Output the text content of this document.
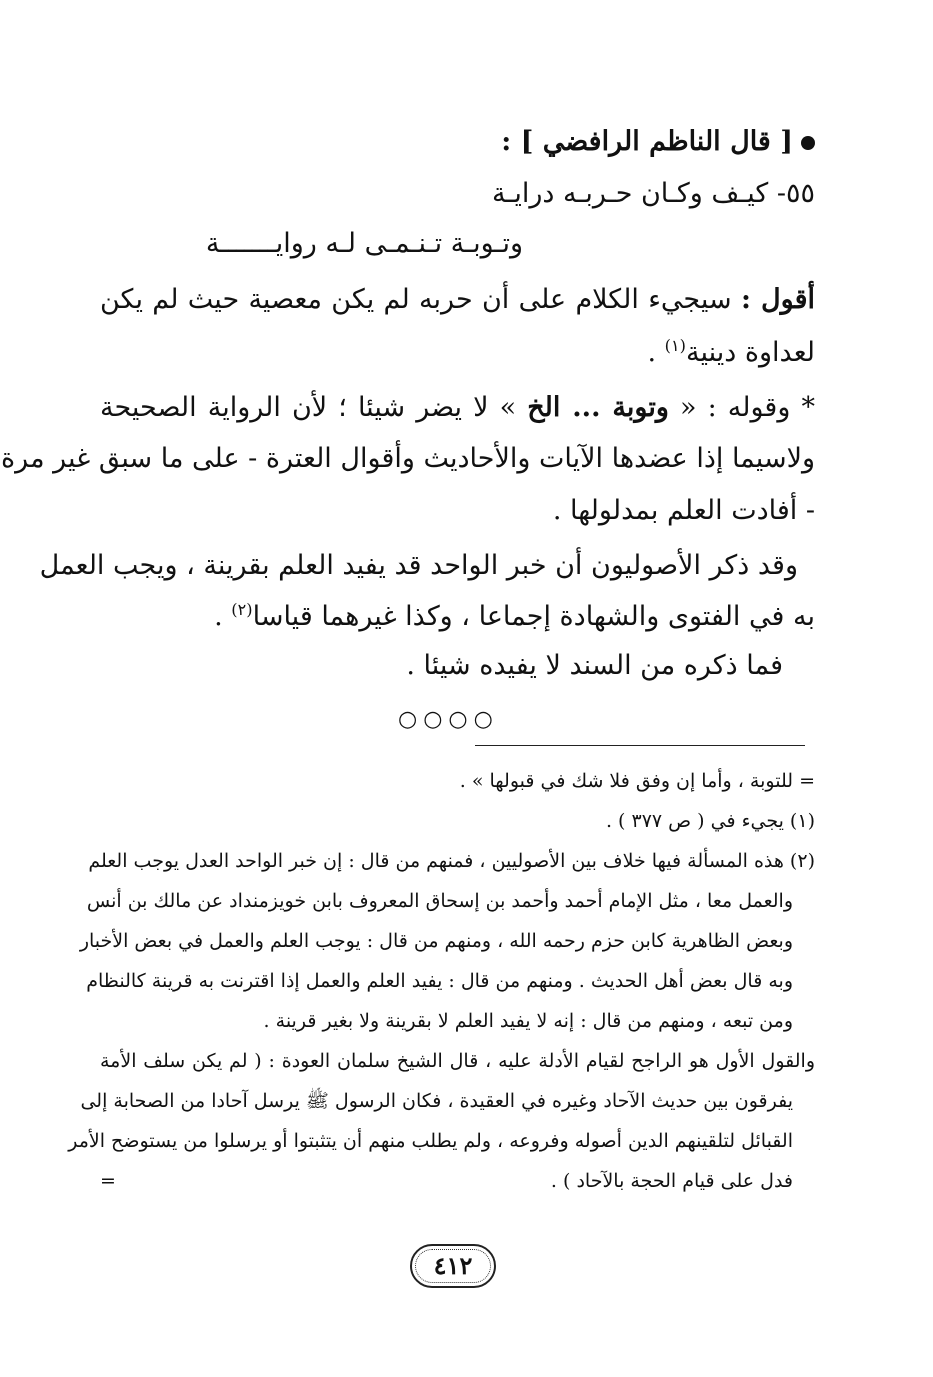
[ قال الناظم الرافضي ] :
٥٥- كيـف وكـان حـربـه درايـة
وتـوبـة تـنـمـى لـه روايـــــــة
أقول : سيجيء الكلام على أن حربه لم يكن معصية حيث لم يكن
لعداوة دينية$^{(١)}$ .
* وقوله : « وتوبة ... الخ » لا يضر شيئا ؛ لأن الرواية الصحيحة
ولاسيما إذا عضدها الآيات والأحاديث وأقوال العترة - على ما سبق غير مرة
- أفادت العلم بمدلولها .
وقد ذكر الأصوليون أن خبر الواحد قد يفيد العلم بقرينة ، ويجب العمل
به في الفتوى والشهادة إجماعا ، وكذا غيرهما قياسا$^{(٢)}$ .
فما ذكره من السند لا يفيده شيئا .
○○○○
= للتوبة ، وأما إن وفق فلا شك في قبولها » .
(١) يجيء في ( ص ٣٧٧ ) .
(٢) هذه المسألة فيها خلاف بين الأصوليين ، فمنهم من قال : إن خبر الواحد العدل يوجب العلم
والعمل معا ، مثل الإمام أحمد وأحمد بن إسحاق المعروف بابن خويزمنداد عن مالك بن أنس
وبعض الظاهرية كابن حزم رحمه الله ، ومنهم من قال : يوجب العلم والعمل في بعض الأخبار
وبه قال بعض أهل الحديث . ومنهم من قال : يفيد العلم والعمل إذا اقترنت به قرينة كالنظام
ومن تبعه ، ومنهم من قال : إنه لا يفيد العلم لا بقرينة ولا بغير قرينة .
والقول الأول هو الراجح لقيام الأدلة عليه ، قال الشيخ سلمان العودة : ( لم يكن سلف الأمة
يفرقون بين حديث الآحاد وغيره في العقيدة ، فكان الرسول ﷺ يرسل آحادا من الصحابة إلى
القبائل لتلقينهم الدين أصوله وفروعه ، ولم يطلب منهم أن يتثبتوا أو يرسلوا من يستوضح الأمر
فدل على قيام الحجة بالآحاد ) .
=
٤١٢
